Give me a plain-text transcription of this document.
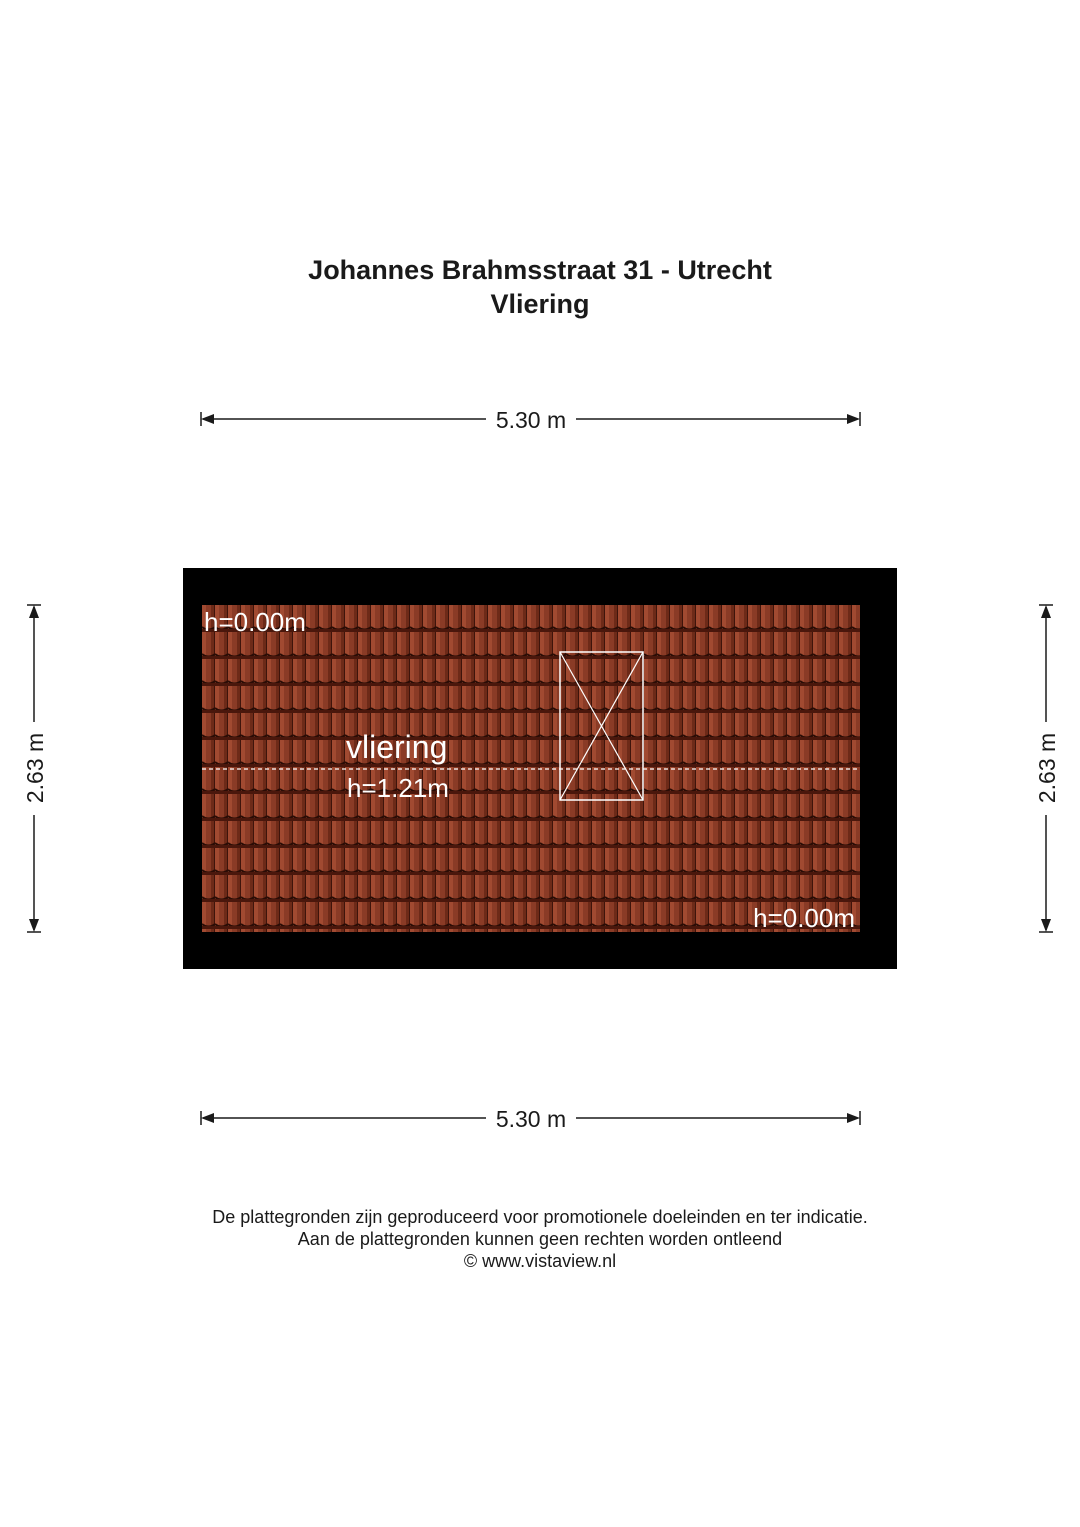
Johannes Brahmsstraat 31 - Utrecht
Vliering
5.30 m
5.30 m
2.63 m	2.63 m
h=0.00m
vliering
h=1.21m
h=0.00m
De plattegronden zijn geproduceerd voor promotionele doeleinden en ter indicatie.
Aan de plattegronden kunnen geen rechten worden ontleend
© www.vistaview.nl
